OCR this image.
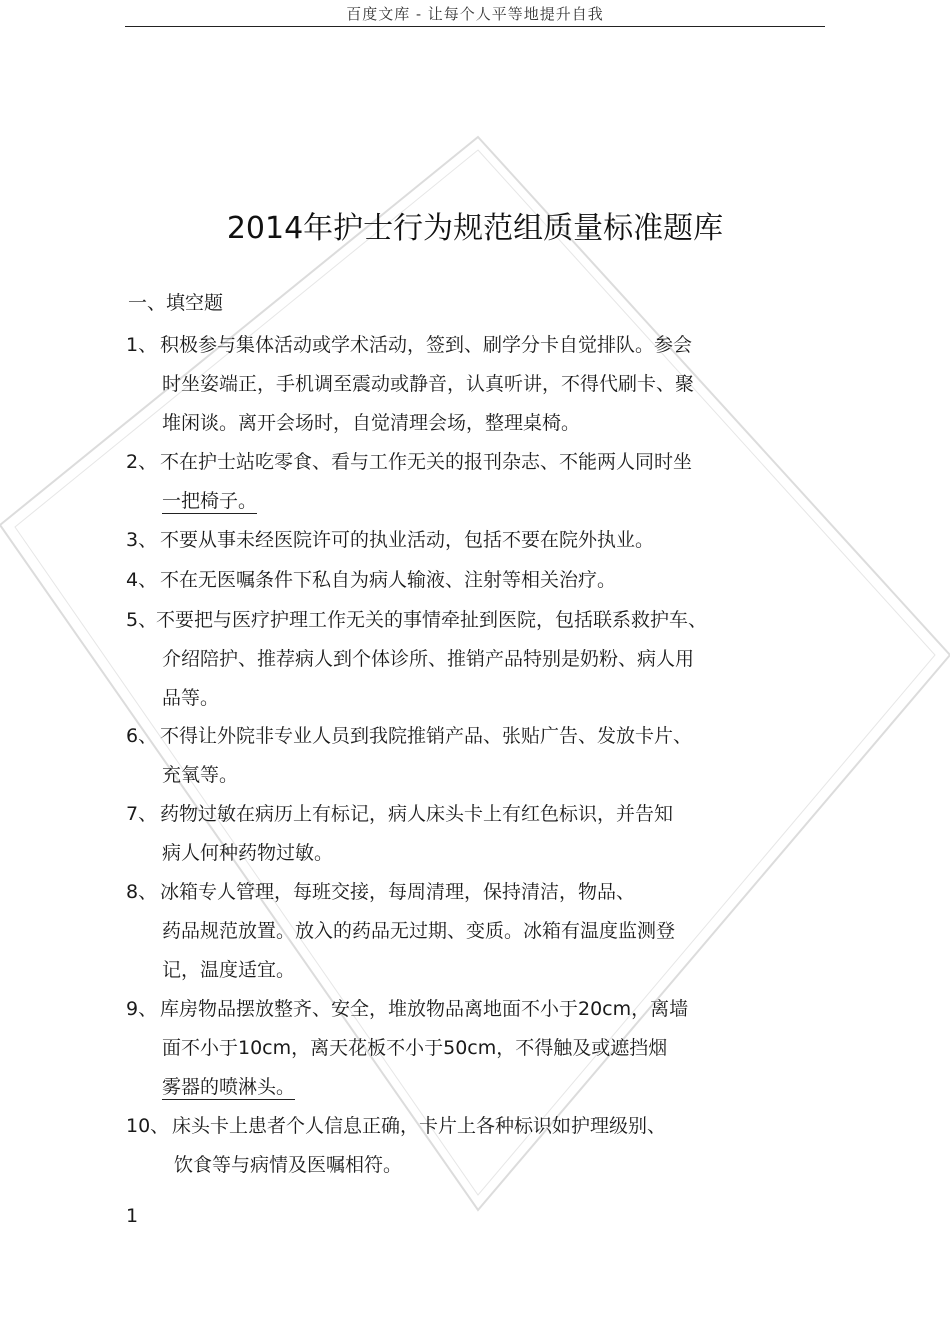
百度文库 - 让每个人平等地提升自我
2014年护士行为规范组质量标准题库
一、填空题
1、 积极参与集体活动或学术活动，签到、刷学分卡自觉排队。参会
时坐姿端正，手机调至震动或静音，认真听讲，不得代刷卡、聚
堆闲谈。离开会场时，自觉清理会场，整理桌椅。
2、 不在护士站吃零食、看与工作无关的报刊杂志、不能两人同时坐
一把椅子。
3、 不要从事未经医院许可的执业活动，包括不要在院外执业。
4、 不在无医嘱条件下私自为病人输液、注射等相关治疗。
5、
不要把与医疗护理工作无关的事情牵扯到医院，包括联系救护车、
介绍陪护、推荐病人到个体诊所、推销产品特别是奶粉、病人用
品等。
6、 不得让外院非专业人员到我院推销产品、张贴广告、发放卡片、
充氧等。
7、 药物过敏在病历上有标记，病人床头卡上有红色标识，并告知
病人何种药物过敏。
8、 冰箱专人管理，每班交接，每周清理，保持清洁，物品、
药品规范放置。放入的药品无过期、变质。冰箱有温度监测登
记，温度适宜。
9、 库房物品摆放整齐、安全，堆放物品离地面不小于20cm，离墙
面不小于10cm，离天花板不小于50cm，不得触及或遮挡烟
雾器的喷淋头。
10、 床头卡上患者个人信息正确，卡片上各种标识如护理级别、
饮食等与病情及医嘱相符。
1
